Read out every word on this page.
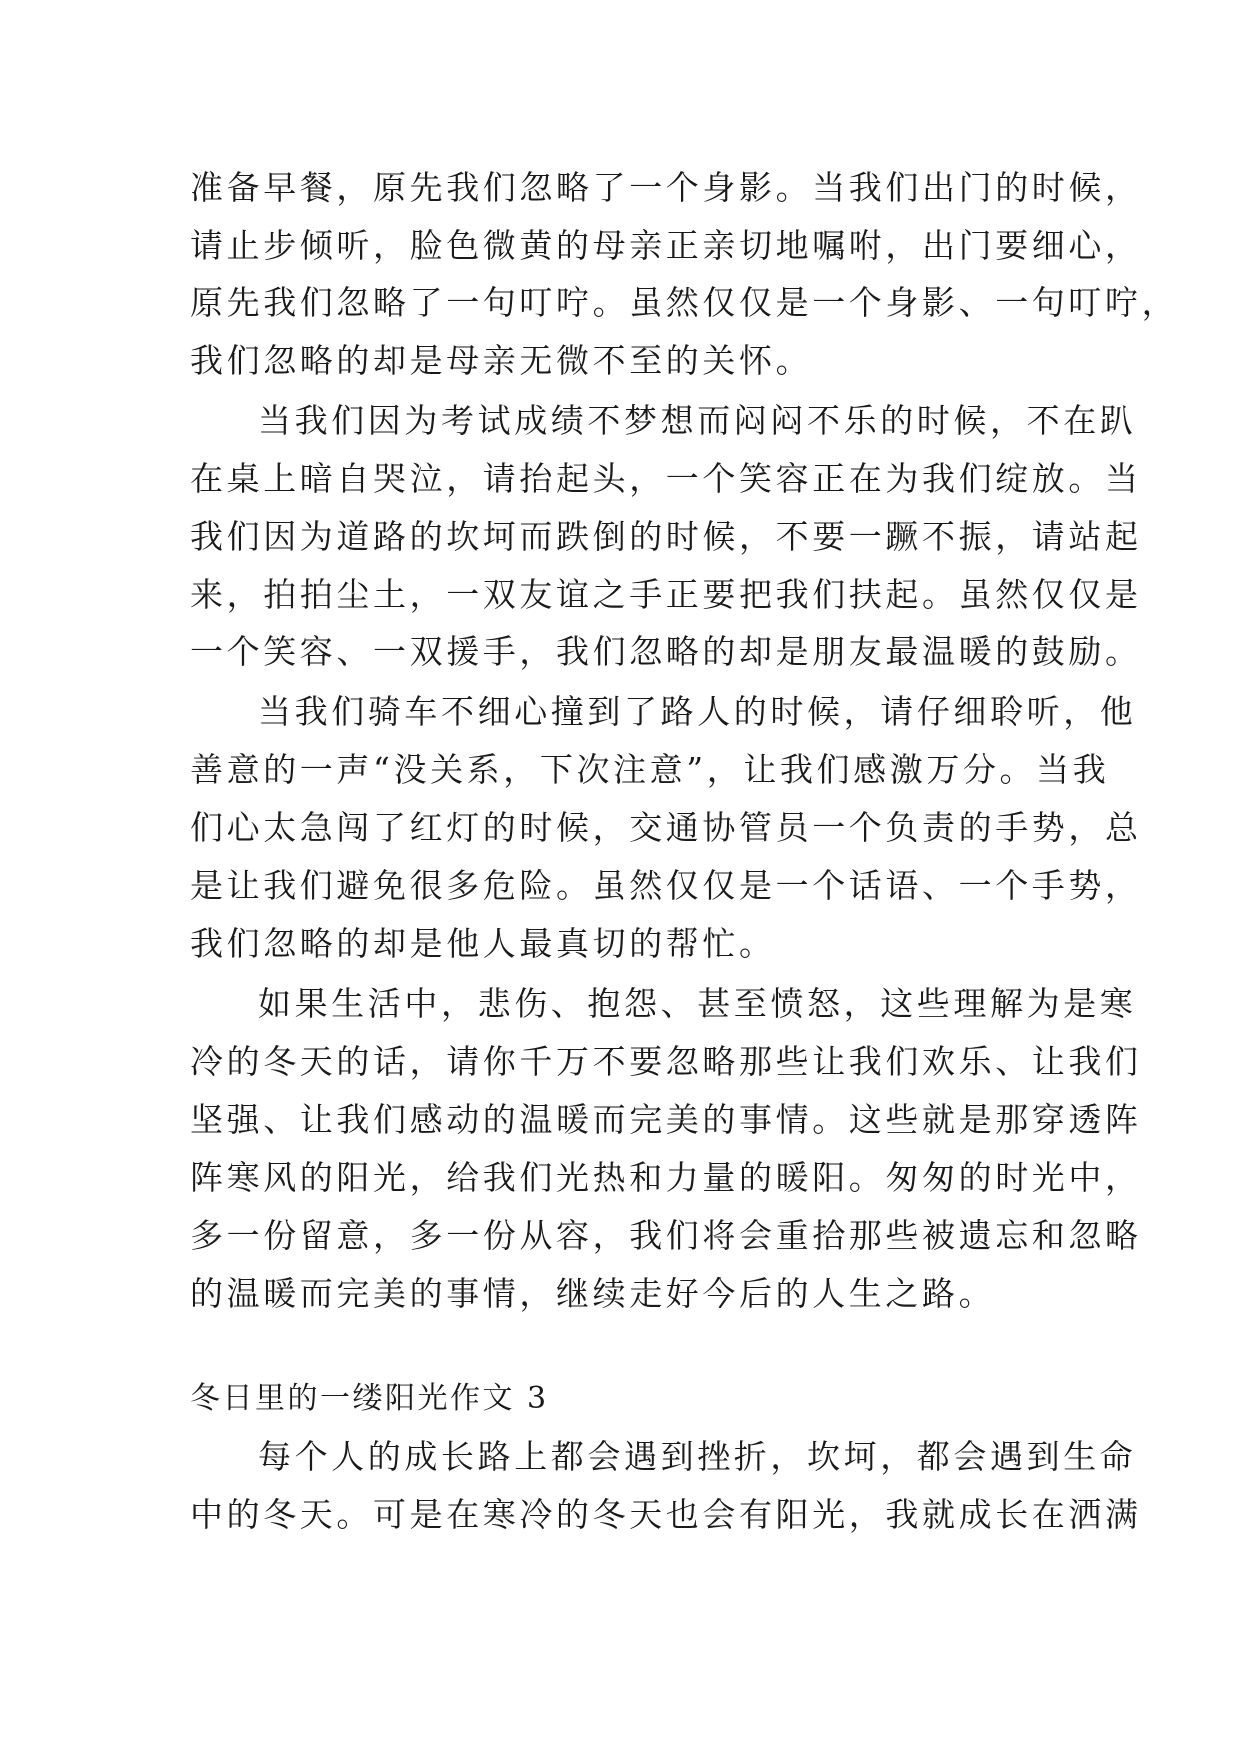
准备早餐，原先我们忽略了一个身影。当我们出门的时候，
请止步倾听，脸色微黄的母亲正亲切地嘱咐，出门要细心，
原先我们忽略了一句叮咛。虽然仅仅是一个身影、一句叮咛，
我们忽略的却是母亲无微不至的关怀。
当我们因为考试成绩不梦想而闷闷不乐的时候，不在趴
在桌上暗自哭泣，请抬起头，一个笑容正在为我们绽放。当
我们因为道路的坎坷而跌倒的时候，不要一蹶不振，请站起
来，拍拍尘土，一双友谊之手正要把我们扶起。虽然仅仅是
一个笑容、一双援手，我们忽略的却是朋友最温暖的鼓励。
当我们骑车不细心撞到了路人的时候，请仔细聆听，他
善意的一声“没关系，下次注意”，让我们感激万分。当我
们心太急闯了红灯的时候，交通协管员一个负责的手势，总
是让我们避免很多危险。虽然仅仅是一个话语、一个手势，
我们忽略的却是他人最真切的帮忙。
如果生活中，悲伤、抱怨、甚至愤怒，这些理解为是寒
冷的冬天的话，请你千万不要忽略那些让我们欢乐、让我们
坚强、让我们感动的温暖而完美的事情。这些就是那穿透阵
阵寒风的阳光，给我们光热和力量的暖阳。匆匆的时光中，
多一份留意，多一份从容，我们将会重拾那些被遗忘和忽略
的温暖而完美的事情，继续走好今后的人生之路。
冬日里的一缕阳光作文 3
每个人的成长路上都会遇到挫折，坎坷，都会遇到生命
中的冬天。可是在寒冷的冬天也会有阳光，我就成长在洒满
